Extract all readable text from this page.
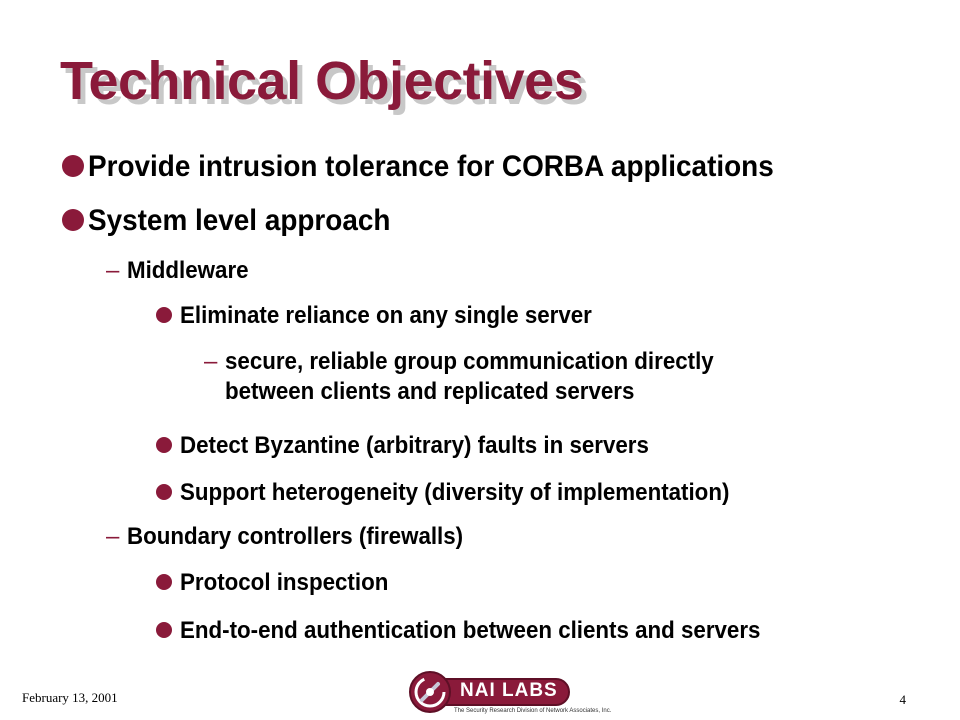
Technical Objectives
Provide intrusion tolerance for CORBA applications
System level approach
– Middleware
Eliminate reliance on any single server
– secure, reliable group communication directly between clients and replicated servers
Detect Byzantine (arbitrary) faults in servers
Support heterogeneity (diversity of implementation)
– Boundary controllers (firewalls)
Protocol inspection
End-to-end authentication between clients and servers
February 13, 2001	NAI LABS
The Security Research Division of Network Associates, Inc.
4
